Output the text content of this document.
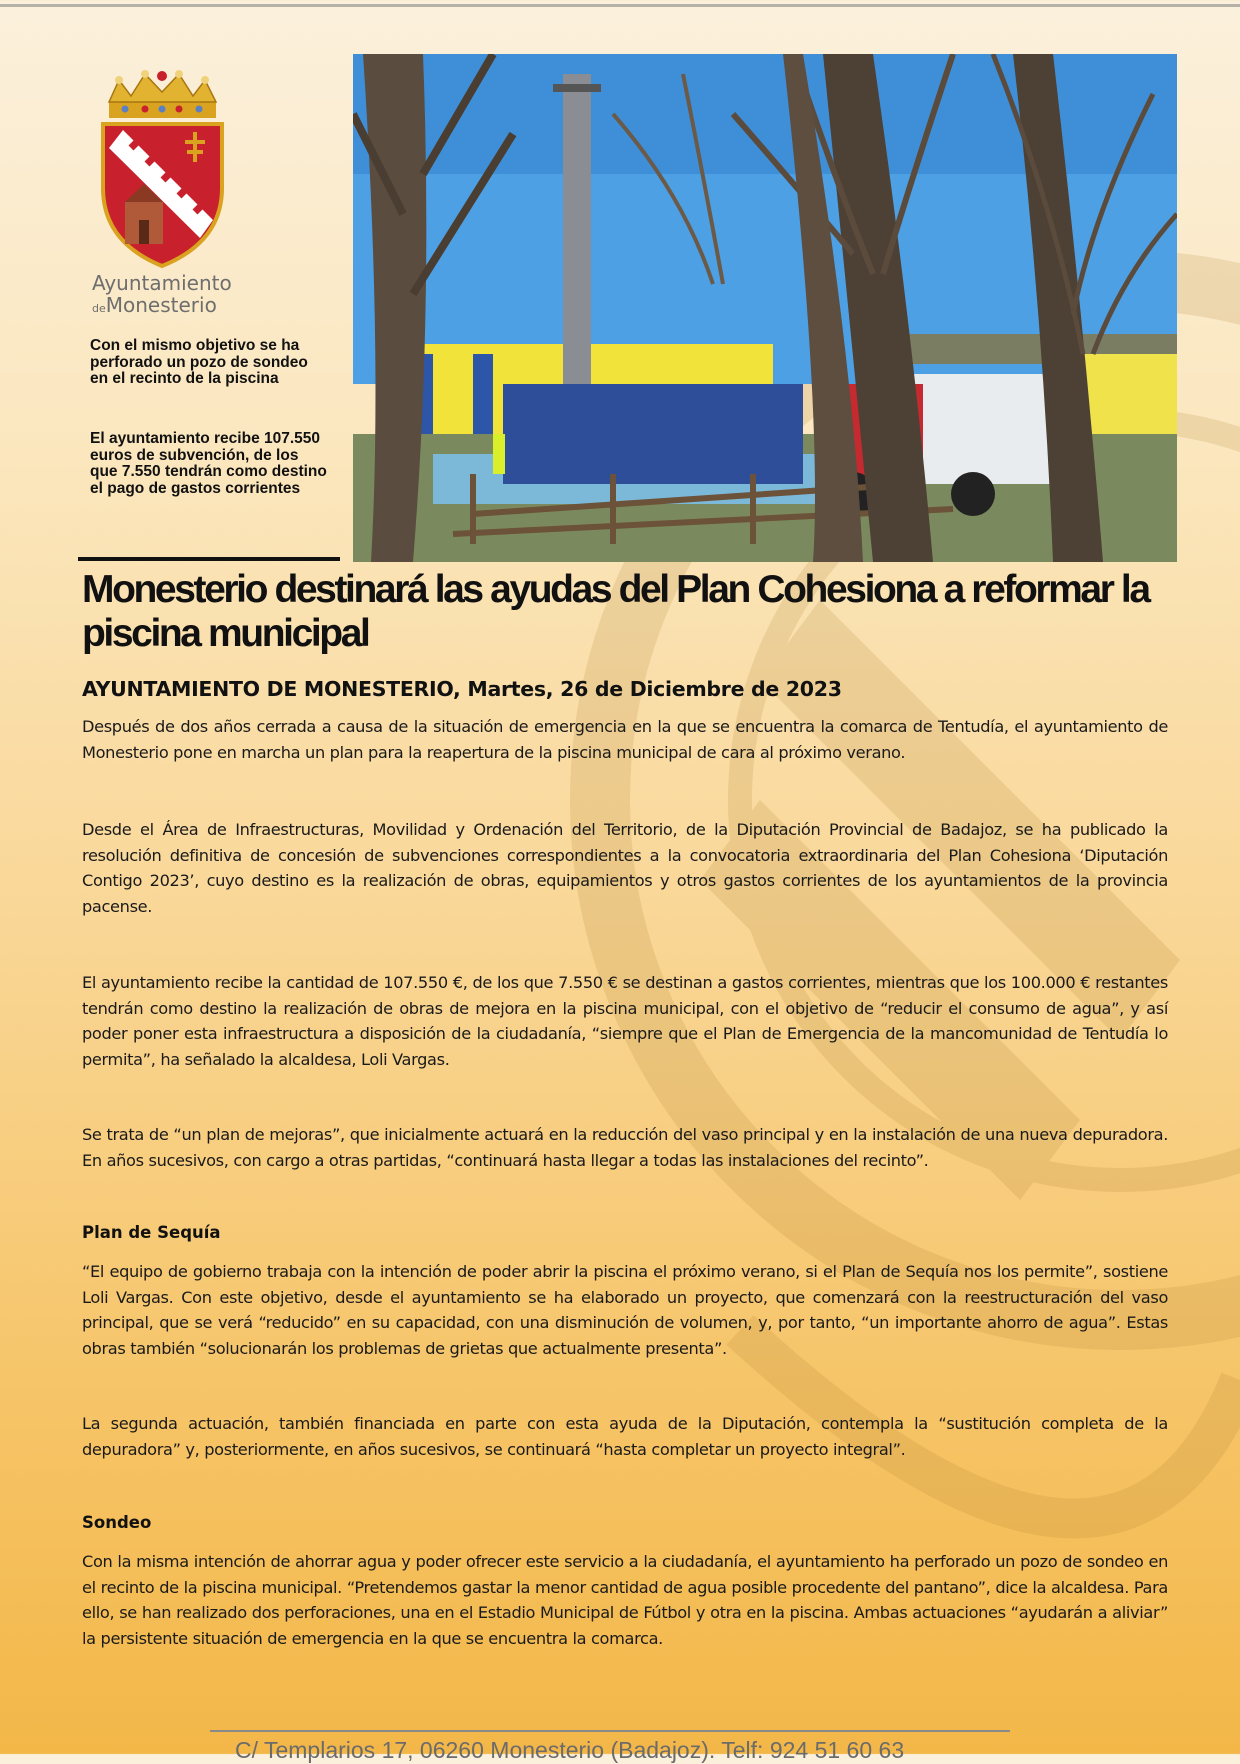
Ayuntamiento
deMonesterio
Con el mismo objetivo se ha perforado un pozo de sondeo en el recinto de la piscina
El ayuntamiento recibe 107.550 euros de subvención, de los que 7.550 tendrán como destino el pago de gastos corrientes
Monesterio destinará las ayudas del Plan Cohesiona a reformar la piscina municipal
AYUNTAMIENTO DE MONESTERIO, Martes, 26 de Diciembre de 2023

Después de dos años cerrada a causa de la situación de emergencia en la que se encuentra la comarca de Tentudía, el ayuntamiento de Monesterio pone en marcha un plan para la reapertura de la piscina municipal de cara al próximo verano.

Desde el Área de Infraestructuras, Movilidad y Ordenación del Territorio, de la Diputación Provincial de Badajoz, se ha publicado la resolución definitiva de concesión de subvenciones correspondientes a la convocatoria extraordinaria del Plan Cohesiona ‘Diputación Contigo 2023’, cuyo destino es la realización de obras, equipamientos y otros gastos corrientes de los ayuntamientos de la provincia pacense.

El ayuntamiento recibe la cantidad de 107.550 €, de los que 7.550 € se destinan a gastos corrientes, mientras que los 100.000 € restantes tendrán como destino la realización de obras de mejora en la piscina municipal, con el objetivo de “reducir el consumo de agua”, y así poder poner esta infraestructura a disposición de la ciudadanía, “siempre que el Plan de Emergencia de la mancomunidad de Tentudía lo permita”, ha señalado la alcaldesa, Loli Vargas.

Se trata de “un plan de mejoras”, que inicialmente actuará en la reducción del vaso principal y en la instalación de una nueva depuradora. En años sucesivos, con cargo a otras partidas, “continuará hasta llegar a todas las instalaciones del recinto”.

Plan de Sequía

“El equipo de gobierno trabaja con la intención de poder abrir la piscina el próximo verano, si el Plan de Sequía nos los permite”, sostiene Loli Vargas. Con este objetivo, desde el ayuntamiento se ha elaborado un proyecto, que comenzará con la reestructuración del vaso principal, que se verá “reducido” en su capacidad, con una disminución de volumen, y, por tanto, “un importante ahorro de agua”. Estas obras también “solucionarán los problemas de grietas que actualmente presenta”.

La segunda actuación, también financiada en parte con esta ayuda de la Diputación, contempla la “sustitución completa de la depuradora” y, posteriormente, en años sucesivos, se continuará “hasta completar un proyecto integral”.

Sondeo

Con la misma intención de ahorrar agua y poder ofrecer este servicio a la ciudadanía, el ayuntamiento ha perforado un pozo de sondeo en el recinto de la piscina municipal. “Pretendemos gastar la menor cantidad de agua posible procedente del pantano”, dice la alcaldesa. Para ello, se han realizado dos perforaciones, una en el Estadio Municipal de Fútbol y otra en la piscina. Ambas actuaciones “ayudarán a aliviar” la persistente situación de emergencia en la que se encuentra la comarca.

C/ Templarios 17, 06260 Monesterio (Badajoz). Telf: 924 51 60 63
